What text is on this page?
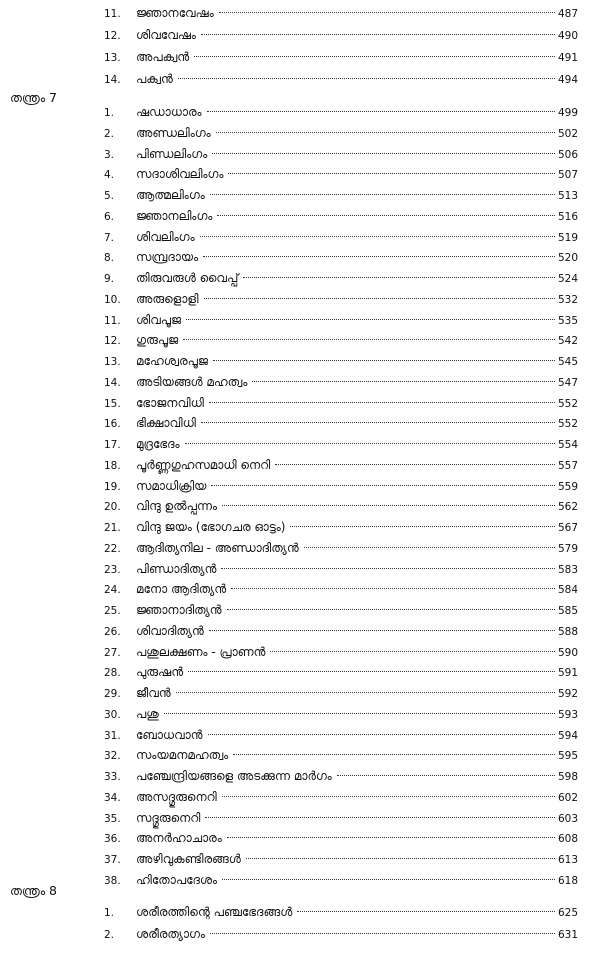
11.	ജ്ഞാനവേഷം	487
12.	ശിവവേഷം	490
13.	അപക്വൻ	491
14.	പക്വൻ	494
തന്ത്രം 7
1.	ഷഡാധാരം	499
2.	അണ്ഡലിംഗം	502
3.	പിണ്ഡലിംഗം	506
4.	സദാശിവലിംഗം	507
5.	ആത്മലിംഗം	513
6.	ജ്ഞാനലിംഗം	516
7.	ശിവലിംഗം	519
8.	സമ്പ്രദായം	520
9.	തിരുവരുൾ വൈപ്പ്	524
10.	അരുളൊളി	532
11.	ശിവപൂജ	535
12.	ഗുരുപൂജ	542
13.	മഹേശ്വരപൂജ	545
14.	അടിയങ്ങൾ മഹത്വം	547
15.	ഭോജനവിധി	552
16.	ഭിക്ഷാവിധി	552
17.	മുദ്രഭേദം	554
18.	പൂർണ്ണഗുഹസമാധി നെറി	557
19.	സമാധിക്രിയ	559
20.	വിന്ദു ഉൽപ്പന്നം	562
21.	വിന്ദു ജയം (ഭോഗചര ഓട്ടം)	567
22.	ആദിത്യനില - അണ്ഡാദിത്യൻ	579
23.	പിണ്ഡാദിത്യൻ	583
24.	മനോ ആദിത്യൻ	584
25.	ജ്ഞാനാദിത്യൻ	585
26.	ശിവാദിത്യൻ	588
27.	പശുലക്ഷണം - പ്രാണൻ	590
28.	പുരുഷൻ	591
29.	ജീവൻ	592
30.	പശു	593
31.	ബോധവാൻ	594
32.	സംയമനമഹത്വം	595
33.	പഞ്ചേന്ദ്രിയങ്ങളെ അടക്കുന്ന മാർഗം	598
34.	അസദ്ഗുരുനെറി	602
35.	സദ്ഗുരുനെറി	603
36.	അനർഹാചാരം	608
37.	അഴിവുകണ്ടിരങ്ങൾ	613
38.	ഹിതോപദേശം	618
തന്ത്രം 8
1.	ശരീരത്തിന്റെ പഞ്ചഭേദങ്ങൾ	625
2.	ശരീരത്യാഗം	631
